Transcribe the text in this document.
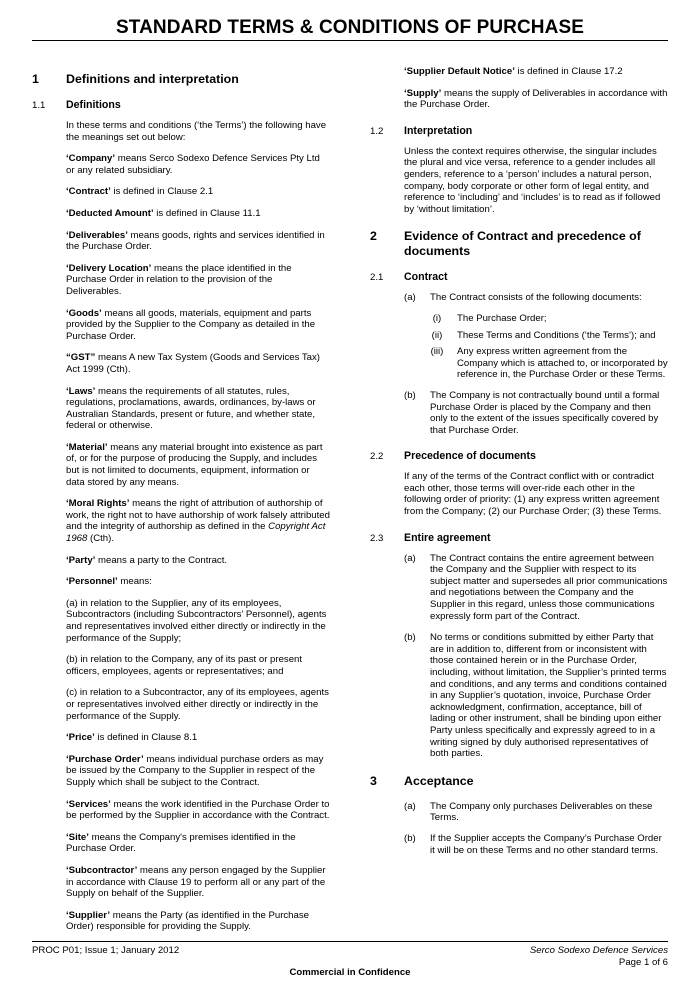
STANDARD TERMS & CONDITIONS OF PURCHASE
1 Definitions and interpretation
1.1 Definitions
In these terms and conditions (‘the Terms’) the following have the meanings set out below:
‘Company’ means Serco Sodexo Defence Services Pty Ltd or any related subsidiary.
‘Contract’ is defined in Clause 2.1
‘Deducted Amount’ is defined in Clause 11.1
‘Deliverables’ means goods, rights and services identified in the Purchase Order.
‘Delivery Location’ means the place identified in the Purchase Order in relation to the provision of the Deliverables.
‘Goods’ means all goods, materials, equipment and parts provided by the Supplier to the Company as detailed in the Purchase Order.
“GST” means A new Tax System (Goods and Services Tax) Act 1999 (Cth).
‘Laws’ means the requirements of all statutes, rules, regulations, proclamations, awards, ordinances, by-laws or Australian Standards, present or future, and whether state, federal or otherwise.
‘Material’ means any material brought into existence as part of, or for the purpose of producing the Supply, and includes but is not limited to documents, equipment, information or data stored by any means.
‘Moral Rights’ means the right of attribution of authorship of work, the right not to have authorship of work falsely attributed and the integrity of authorship as defined in the Copyright Act 1968 (Cth).
‘Party’ means a party to the Contract.
‘Personnel’ means:
(a) in relation to the Supplier, any of its employees, Subcontractors (including Subcontractors’ Personnel), agents and representatives involved either directly or indirectly in the performance of the Supply;
(b) in relation to the Company, any of its past or present officers, employees, agents or representatives; and
(c) in relation to a Subcontractor, any of its employees, agents or representatives involved either directly or indirectly in the performance of the Supply.
‘Price’ is defined in Clause 8.1
‘Purchase Order’ means individual purchase orders as may be issued by the Company to the Supplier in respect of the Supply which shall be subject to the Contract.
‘Services’ means the work identified in the Purchase Order to be performed by the Supplier in accordance with the Contract.
‘Site’ means the Company's premises identified in the Purchase Order.
‘Subcontractor’ means any person engaged by the Supplier in accordance with Clause 19 to perform all or any part of the Supply on behalf of the Supplier.
‘Supplier’ means the Party (as identified in the Purchase Order) responsible for providing the Supply.
‘Supplier Default Notice’ is defined in Clause 17.2
‘Supply’ means the supply of Deliverables in accordance with the Purchase Order.
1.2 Interpretation
Unless the context requires otherwise, the singular includes the plural and vice versa, reference to a gender includes all genders, reference to a ‘person’ includes a natural person, company, body corporate or other form of legal entity, and reference to ‘including’ and ‘includes’ is to read as if followed by ‘without limitation’.
2 Evidence of Contract and precedence of documents
2.1 Contract
(a) The Contract consists of the following documents:
(i)	The Purchase Order;
(ii)	These Terms and Conditions (‘the Terms’); and
(iii)	Any express written agreement from the Company which is attached to, or incorporated by reference in, the Purchase Order or these Terms.
(b) The Company is not contractually bound until a formal Purchase Order is placed by the Company and then only to the extent of the issues specifically covered by that Purchase Order.
2.2 Precedence of documents
If any of the terms of the Contract conflict with or contradict each other, those terms will over-ride each other in the following order of priority: (1) any express written agreement from the Company; (2) our Purchase Order; (3) these Terms.
2.3 Entire agreement
(a) The Contract contains the entire agreement between the Company and the Supplier with respect to its subject matter and supersedes all prior communications and negotiations between the Company and the Supplier in this regard, unless those communications expressly form part of the Contract.
(b) No terms or conditions submitted by either Party that are in addition to, different from or inconsistent with those contained herein or in the Purchase Order, including, without limitation, the Supplier’s printed terms and conditions, and any terms and conditions contained in any Supplier’s quotation, invoice, Purchase Order acknowledgment, confirmation, acceptance, bill of lading or other instrument, shall be binding upon either Party unless specifically and expressly agreed to in a writing signed by duly authorised representatives of both parties.
3 Acceptance
(a) The Company only purchases Deliverables on these Terms.
(b) If the Supplier accepts the Company’s Purchase Order it will be on these Terms and no other standard terms.
PROC P01; Issue 1; January 2012	Serco Sodexo Defence Services
Page 1 of 6
Commercial in Confidence
